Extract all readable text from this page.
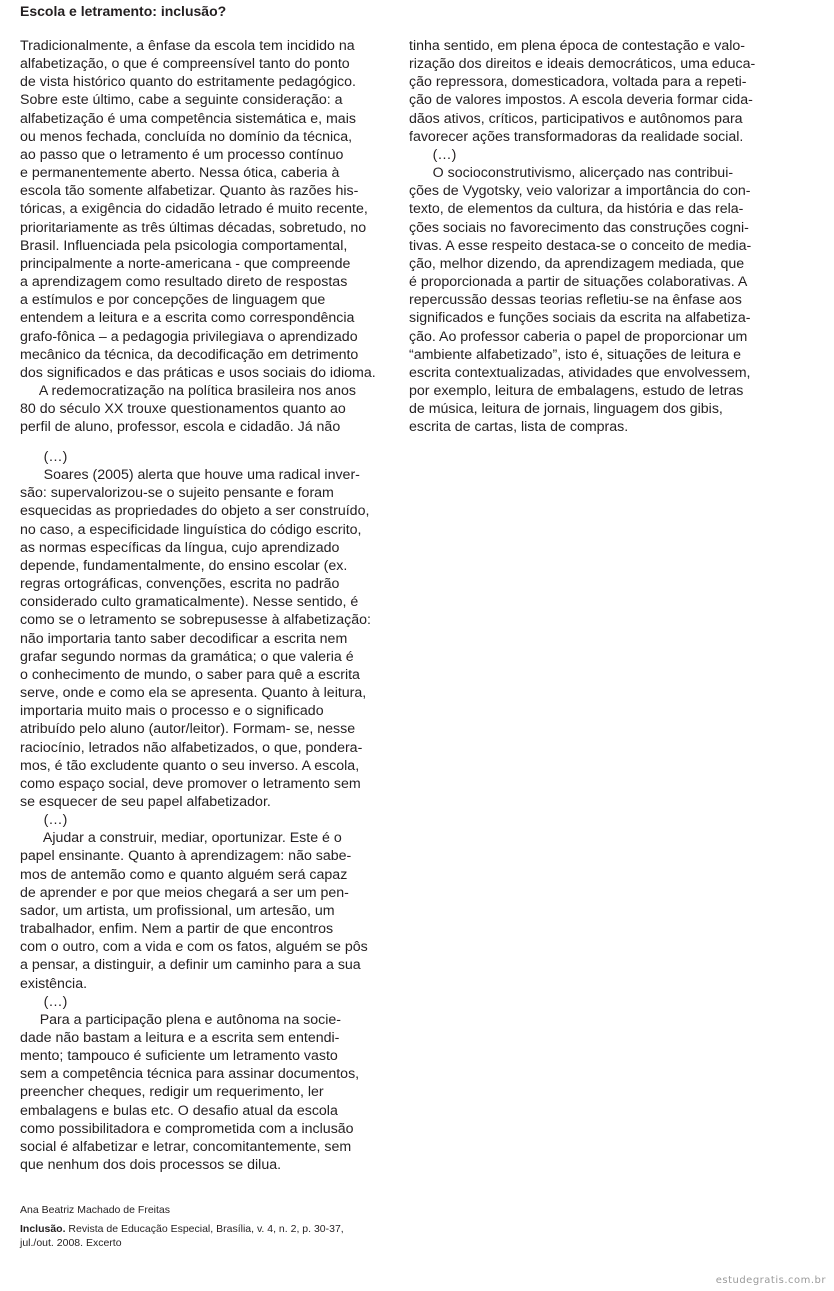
Escola e letramento: inclusão?
Tradicionalmente, a ênfase da escola tem incidido na
alfabetização, o que é compreensível tanto do ponto
de vista histórico quanto do estritamente pedagógico.
Sobre este último, cabe a seguinte consideração: a
alfabetização é uma competência sistemática e, mais
ou menos fechada, concluída no domínio da técnica,
ao passo que o letramento é um processo contínuo
e permanentemente aberto. Nessa ótica, caberia à
escola tão somente alfabetizar. Quanto às razões his-
tóricas, a exigência do cidadão letrado é muito recente,
prioritariamente as três últimas décadas, sobretudo, no
Brasil. Influenciada pela psicologia comportamental,
principalmente a norte-americana - que compreende
a aprendizagem como resultado direto de respostas
a estímulos e por concepções de linguagem que
entendem a leitura e a escrita como correspondência
grafo-fônica – a pedagogia privilegiava o aprendizado
mecânico da técnica, da decodificação em detrimento
dos significados e das práticas e usos sociais do idioma.
A redemocratização na política brasileira nos anos
80 do século XX trouxe questionamentos quanto ao
perfil de aluno, professor, escola e cidadão. Já não
(…)
Soares (2005) alerta que houve uma radical inver-
são: supervalorizou-se o sujeito pensante e foram
esquecidas as propriedades do objeto a ser construído,
no caso, a especificidade linguística do código escrito,
as normas específicas da língua, cujo aprendizado
depende, fundamentalmente, do ensino escolar (ex.
regras ortográficas, convenções, escrita no padrão
considerado culto gramaticalmente). Nesse sentido, é
como se o letramento se sobrepusesse à alfabetização:
não importaria tanto saber decodificar a escrita nem
grafar segundo normas da gramática; o que valeria é
o conhecimento de mundo, o saber para quê a escrita
serve, onde e como ela se apresenta. Quanto à leitura,
importaria muito mais o processo e o significado
atribuído pelo aluno (autor/leitor). Formam- se, nesse
raciocínio, letrados não alfabetizados, o que, pondera-
mos, é tão excludente quanto o seu inverso. A escola,
como espaço social, deve promover o letramento sem
se esquecer de seu papel alfabetizador.
(…)
Ajudar a construir, mediar, oportunizar. Este é o
papel ensinante. Quanto à aprendizagem: não sabe-
mos de antemão como e quanto alguém será capaz
de aprender e por que meios chegará a ser um pen-
sador, um artista, um profissional, um artesão, um
trabalhador, enfim. Nem a partir de que encontros
com o outro, com a vida e com os fatos, alguém se pôs
a pensar, a distinguir, a definir um caminho para a sua
existência.
(…)
Para a participação plena e autônoma na socie-
dade não bastam a leitura e a escrita sem entendi-
mento; tampouco é suficiente um letramento vasto
sem a competência técnica para assinar documentos,
preencher cheques, redigir um requerimento, ler
embalagens e bulas etc. O desafio atual da escola
como possibilitadora e comprometida com a inclusão
social é alfabetizar e letrar, concomitantemente, sem
que nenhum dos dois processos se dilua.
tinha sentido, em plena época de contestação e valo-
rização dos direitos e ideais democráticos, uma educa-
ção repressora, domesticadora, voltada para a repeti-
ção de valores impostos. A escola deveria formar cida-
dãos ativos, críticos, participativos e autônomos para
favorecer ações transformadoras da realidade social.
(…)
O socioconstrutivismo, alicerçado nas contribui-
ções de Vygotsky, veio valorizar a importância do con-
texto, de elementos da cultura, da história e das rela-
ções sociais no favorecimento das construções cogni-
tivas. A esse respeito destaca-se o conceito de media-
ção, melhor dizendo, da aprendizagem mediada, que
é proporcionada a partir de situações colaborativas. A
repercussão dessas teorias refletiu-se na ênfase aos
significados e funções sociais da escrita na alfabetiza-
ção. Ao professor caberia o papel de proporcionar um
“ambiente alfabetizado”, isto é, situações de leitura e
escrita contextualizadas, atividades que envolvessem,
por exemplo, leitura de embalagens, estudo de letras
de música, leitura de jornais, linguagem dos gibis,
escrita de cartas, lista de compras.
Ana Beatriz Machado de Freitas
Inclusão. Revista de Educação Especial, Brasília, v. 4, n. 2, p. 30-37,
jul./out. 2008. Excerto
estudegratis.com.br
